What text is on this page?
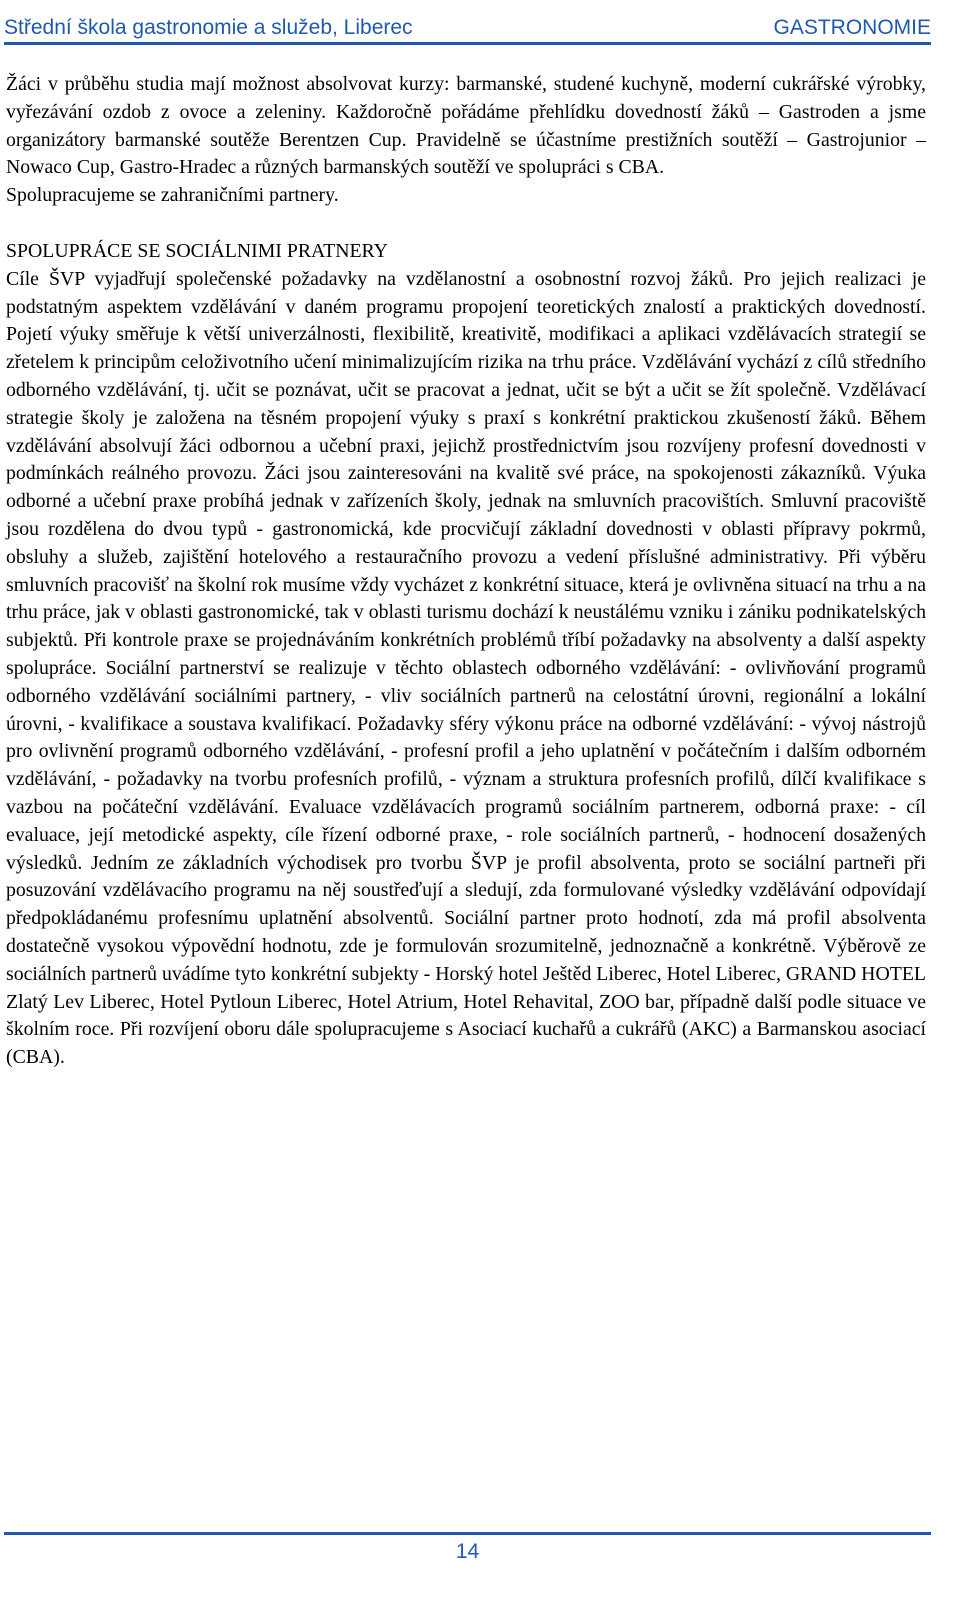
Střední škola gastronomie a služeb, Liberec	GASTRONOMIE

Žáci v průběhu studia mají možnost absolvovat kurzy: barmanské, studené kuchyně, moderní cukrářské výrobky, vyřezávání ozdob z ovoce a zeleniny. Každoročně pořádáme přehlídku dovedností žáků – Gastroden a jsme organizátory barmanské soutěže Berentzen Cup. Pravidelně se účastníme prestižních soutěží – Gastrojunior – Nowaco Cup, Gastro-Hradec a různých barmanských soutěží ve spolupráci s CBA.

Spolupracujeme se zahraničními partnery.

SPOLUPRÁCE SE SOCIÁLNIMI PRATNERY

Cíle ŠVP vyjadřují společenské požadavky na vzdělanostní a osobnostní rozvoj žáků. Pro jejich realizaci je podstatným aspektem vzdělávání v daném programu propojení teoretických znalostí a praktických dovedností. Pojetí výuky směřuje k větší univerzálnosti, flexibilitě, kreativitě, modifikaci a aplikaci vzdělávacích strategií se zřetelem k principům celoživotního učení minimalizujícím rizika na trhu práce. Vzdělávání vychází z cílů středního odborného vzdělávání, tj. učit se poznávat, učit se pracovat a jednat, učit se být a učit se žít společně. Vzdělávací strategie školy je založena na těsném propojení výuky s praxí s konkrétní praktickou zkušeností žáků. Během vzdělávání absolvují žáci odbornou a učební praxi, jejichž prostřednictvím jsou rozvíjeny profesní dovednosti v podmínkách reálného provozu. Žáci jsou zainteresováni na kvalitě své práce, na spokojenosti zákazníků. Výuka odborné a učební praxe probíhá jednak v zařízeních školy, jednak na smluvních pracovištích. Smluvní pracoviště jsou rozdělena do dvou typů - gastronomická, kde procvičují základní dovednosti v oblasti přípravy pokrmů, obsluhy a služeb, zajištění hotelového a restauračního provozu a vedení příslušné administrativy. Při výběru smluvních pracovišť na školní rok musíme vždy vycházet z konkrétní situace, která je ovlivněna situací na trhu a na trhu práce, jak v oblasti gastronomické, tak v oblasti turismu dochází k neustálému vzniku i zániku podnikatelských subjektů. Při kontrole praxe se projednáváním konkrétních problémů tříbí požadavky na absolventy a další aspekty spolupráce. Sociální partnerství se realizuje v těchto oblastech odborného vzdělávání: - ovlivňování programů odborného vzdělávání sociálními partnery, - vliv sociálních partnerů na celostátní úrovni, regionální a lokální úrovni, - kvalifikace a soustava kvalifikací. Požadavky sféry výkonu práce na odborné vzdělávání: - vývoj nástrojů pro ovlivnění programů odborného vzdělávání, - profesní profil a jeho uplatnění v počátečním i dalším odborném vzdělávání, - požadavky na tvorbu profesních profilů, - význam a struktura profesních profilů, dílčí kvalifikace s vazbou na počáteční vzdělávání. Evaluace vzdělávacích programů sociálním partnerem, odborná praxe: - cíl evaluace, její metodické aspekty, cíle řízení odborné praxe, - role sociálních partnerů, - hodnocení dosažených výsledků. Jedním ze základních východisek pro tvorbu ŠVP je profil absolventa, proto se sociální partneři při posuzování vzdělávacího programu na něj soustřeďují a sledují, zda formulované výsledky vzdělávání odpovídají předpokládanému profesnímu uplatnění absolventů. Sociální partner proto hodnotí, zda má profil absolventa dostatečně vysokou výpovědní hodnotu, zde je formulován srozumitelně, jednoznačně a konkrétně. Výběrově ze sociálních partnerů uvádíme tyto konkrétní subjekty - Horský hotel Ještěd Liberec, Hotel Liberec, GRAND HOTEL Zlatý Lev Liberec, Hotel Pytloun Liberec, Hotel Atrium, Hotel Rehavital, ZOO bar, případně další podle situace ve školním roce. Při rozvíjení oboru dále spolupracujeme s Asociací kuchařů a cukrářů (AKC) a Barmanskou asociací (CBA).

14
